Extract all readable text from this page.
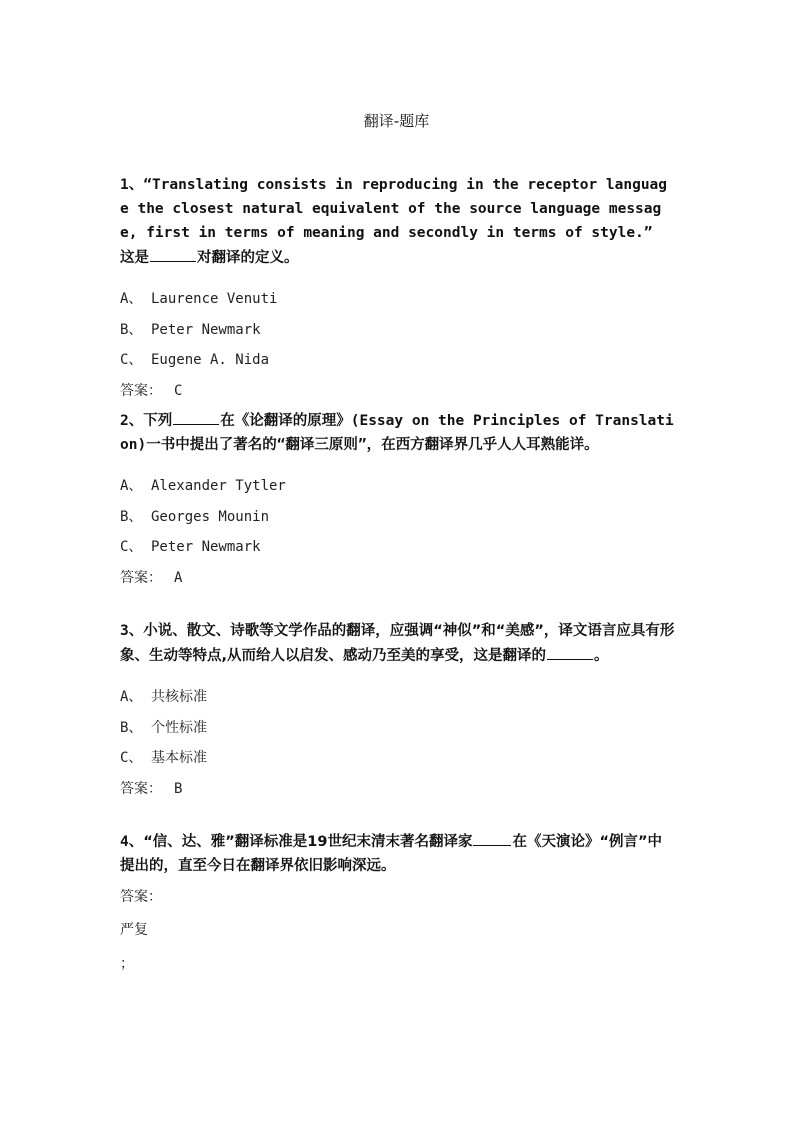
翻译-题库

1、“Translating consists in reproducing in the receptor language the closest natural equivalent of the source language message, first in terms of meaning and secondly in terms of style.” 这是	对翻译的定义。

A、 Laurence Venuti
B、 Peter Newmark
C、 Eugene A. Nida
答案： C

2、下列	在《论翻译的原理》(Essay on the Principles of Translation)一书中提出了著名的“翻译三原则”，在西方翻译界几乎人人耳熟能详。

A、 Alexander Tytler
B、 Georges Mounin
C、 Peter Newmark
答案： A

3、小说、散文、诗歌等文学作品的翻译，应强调“神似”和“美感”，译文语言应具有形象、生动等特点,从而给人以启发、感动乃至美的享受，这是翻译的	。

A、 共核标准
B、 个性标准
C、 基本标准
答案： B

4、“信、达、雅”翻译标准是19世纪末清末著名翻译家	在《天演论》“例言”中提出的，直至今日在翻译界依旧影响深远。

答案：
严复
；
